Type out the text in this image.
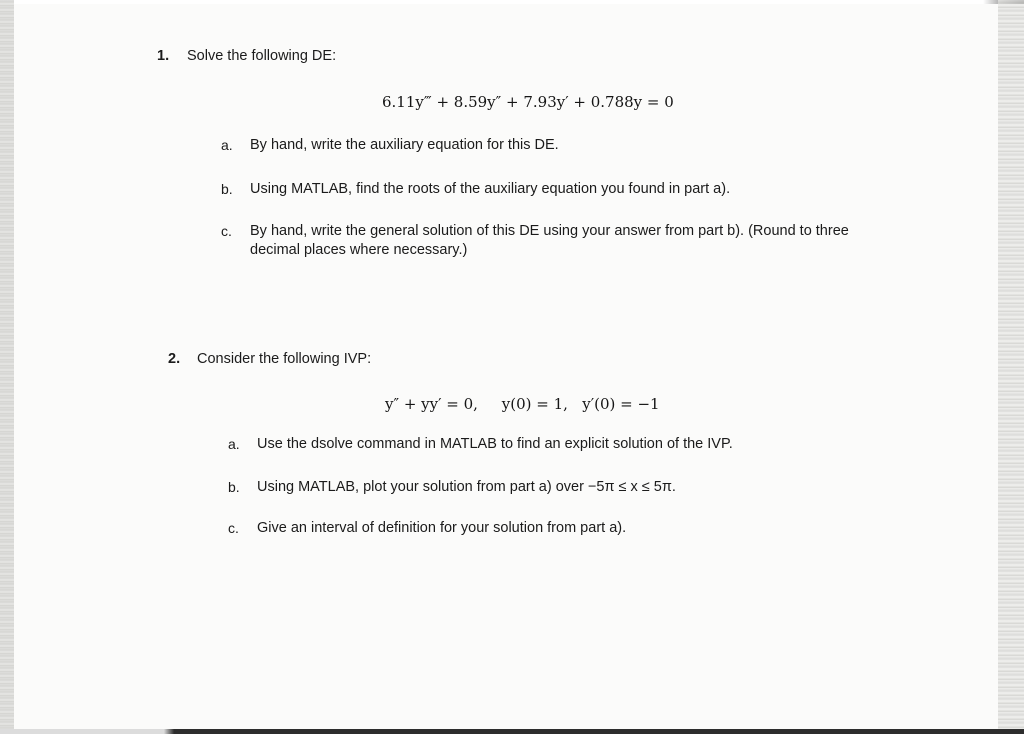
1. Solve the following DE:
6.11y‴ + 8.59y″ + 7.93y′ + 0.788y = 0
a. By hand, write the auxiliary equation for this DE.
b. Using MATLAB, find the roots of the auxiliary equation you found in part a).
c. By hand, write the general solution of this DE using your answer from part b). (Round to three decimal places where necessary.)
2. Consider the following IVP:
y″ + yy′ = 0,     y(0) = 1,   y′(0) = −1
a. Use the dsolve command in MATLAB to find an explicit solution of the IVP.
b. Using MATLAB, plot your solution from part a) over −5π ≤ x ≤ 5π.
c. Give an interval of definition for your solution from part a).
